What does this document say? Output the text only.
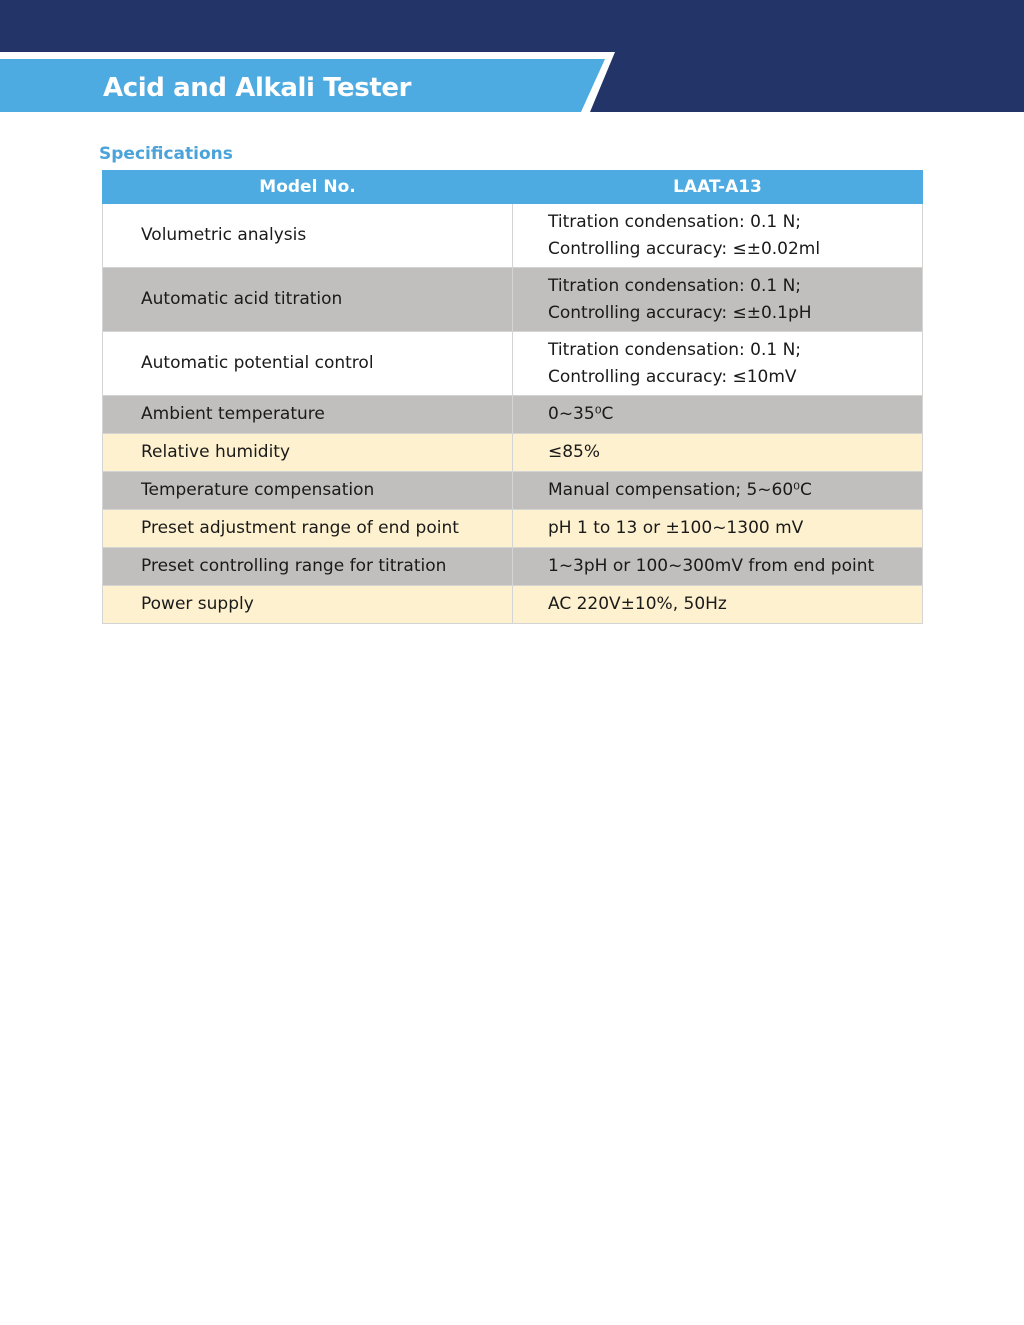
Acid and Alkali Tester
Specifications
Model No.	LAAT-A13
Volumetric analysis	Titration condensation: 0.1 N;
Controlling accuracy: ≤±0.02ml

Automatic acid titration	Titration condensation: 0.1 N;
Controlling accuracy: ≤±0.1pH

Automatic potential control	Titration condensation: 0.1 N;
Controlling accuracy: ≤10mV

Ambient temperature	0~35⁰C

Relative humidity	≤85%

Temperature compensation	Manual compensation; 5~60⁰C

Preset adjustment range of end point	pH 1 to 13 or ±100~1300 mV

Preset controlling range for titration	1~3pH or 100~300mV from end point

Power supply	AC 220V±10%, 50Hz
